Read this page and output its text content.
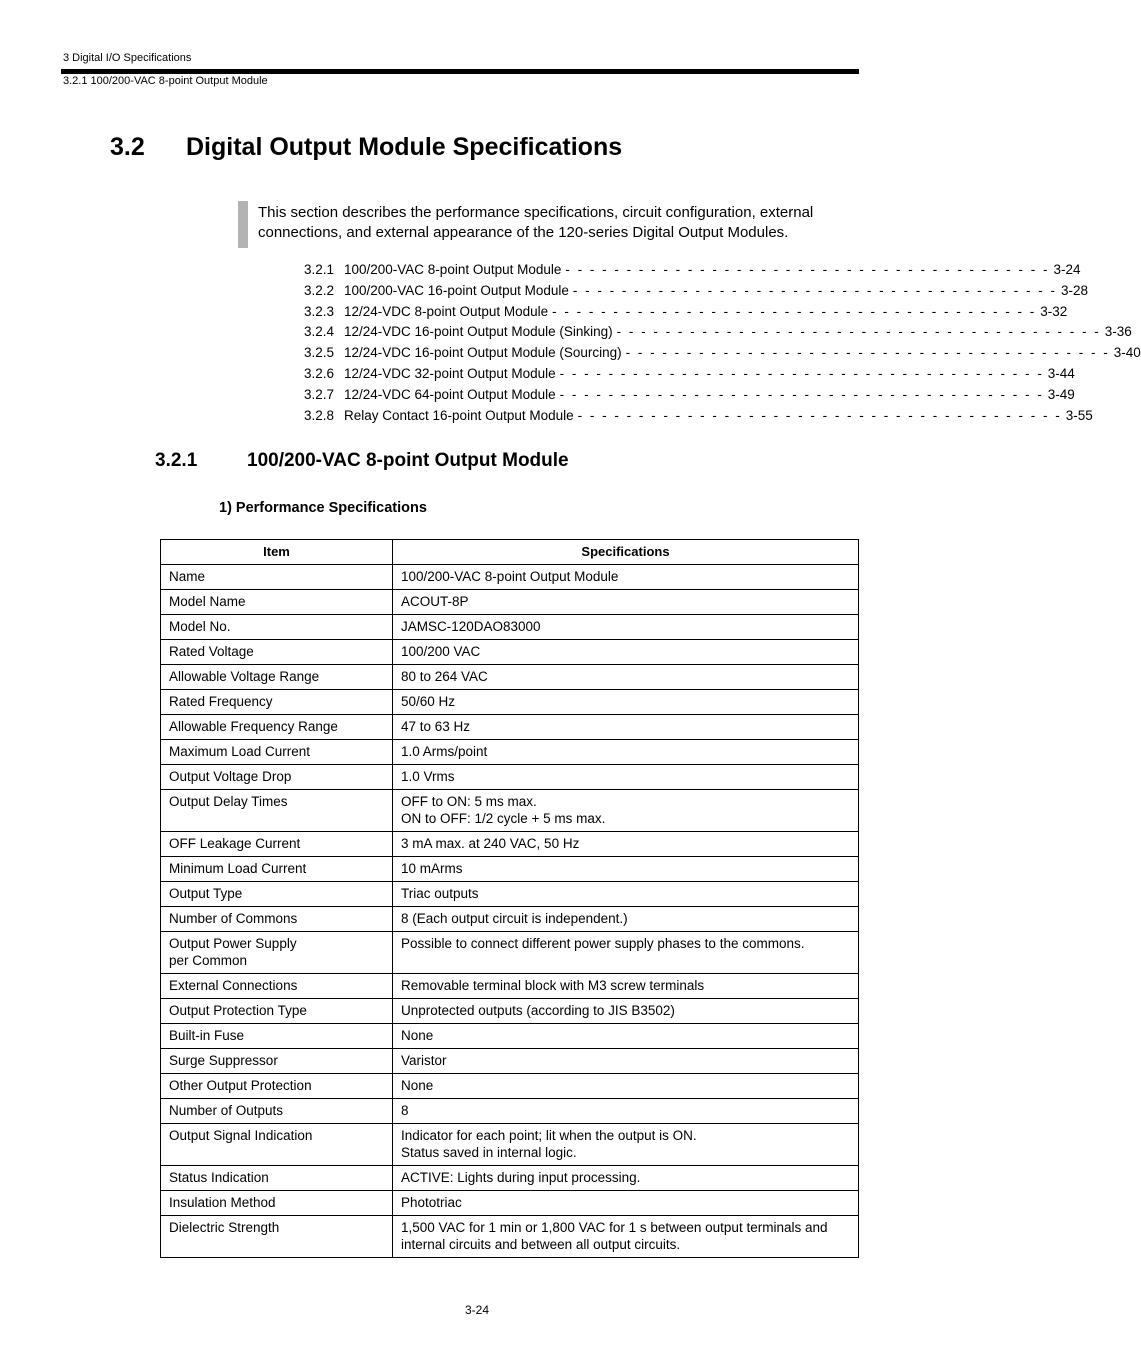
3 Digital I/O Specifications
3.2.1 100/200-VAC 8-point Output Module
3.2	Digital Output Module Specifications
This section describes the performance specifications, circuit configuration, external connections, and external appearance of the 120-series Digital Output Modules.
3.2.1 100/200-VAC 8-point Output Module - - - - - - - - - - - - - - - - - - - - - - - - - - - - - - - - - - - - - - - - 3-24
3.2.2 100/200-VAC 16-point Output Module - - - - - - - - - - - - - - - - - - - - - - - - - - - - - - - - - - - - - - - - 3-28
3.2.3 12/24-VDC 8-point Output Module - - - - - - - - - - - - - - - - - - - - - - - - - - - - - - - - - - - - - - - - 3-32
3.2.4 12/24-VDC 16-point Output Module (Sinking) - - - - - - - - - - - - - - - - - - - - - - - - - - - - - - - - - - - - - - - - 3-36
3.2.5 12/24-VDC 16-point Output Module (Sourcing) - - - - - - - - - - - - - - - - - - - - - - - - - - - - - - - - - - - - - - - - 3-40
3.2.6 12/24-VDC 32-point Output Module - - - - - - - - - - - - - - - - - - - - - - - - - - - - - - - - - - - - - - - - 3-44
3.2.7 12/24-VDC 64-point Output Module - - - - - - - - - - - - - - - - - - - - - - - - - - - - - - - - - - - - - - - - 3-49
3.2.8 Relay Contact 16-point Output Module - - - - - - - - - - - - - - - - - - - - - - - - - - - - - - - - - - - - - - - - 3-55
3.2.1	100/200-VAC 8-point Output Module
1) Performance Specifications
Item	Specifications
Name	100/200-VAC 8-point Output Module
Model Name	ACOUT-8P
Model No.	JAMSC-120DAO83000
Rated Voltage	100/200 VAC
Allowable Voltage Range	80 to 264 VAC
Rated Frequency	50/60 Hz
Allowable Frequency Range	47 to 63 Hz
Maximum Load Current	1.0 Arms/point
Output Voltage Drop	1.0 Vrms
Output Delay Times	OFF to ON: 5 ms max.
ON to OFF: 1/2 cycle + 5 ms max.
OFF Leakage Current	3 mA max. at 240 VAC, 50 Hz
Minimum Load Current	10 mArms
Output Type	Triac outputs
Number of Commons	8 (Each output circuit is independent.)
Output Power Supply
per Common	Possible to connect different power supply phases to the commons.
External Connections	Removable terminal block with M3 screw terminals
Output Protection Type	Unprotected outputs (according to JIS B3502)
Built-in Fuse	None
Surge Suppressor	Varistor
Other Output Protection	None
Number of Outputs	8
Output Signal Indication	Indicator for each point; lit when the output is ON.
Status saved in internal logic.
Status Indication	ACTIVE: Lights during input processing.
Insulation Method	Phototriac
Dielectric Strength	1,500 VAC for 1 min or 1,800 VAC for 1 s between output terminals and internal circuits and between all output circuits.
3-24
